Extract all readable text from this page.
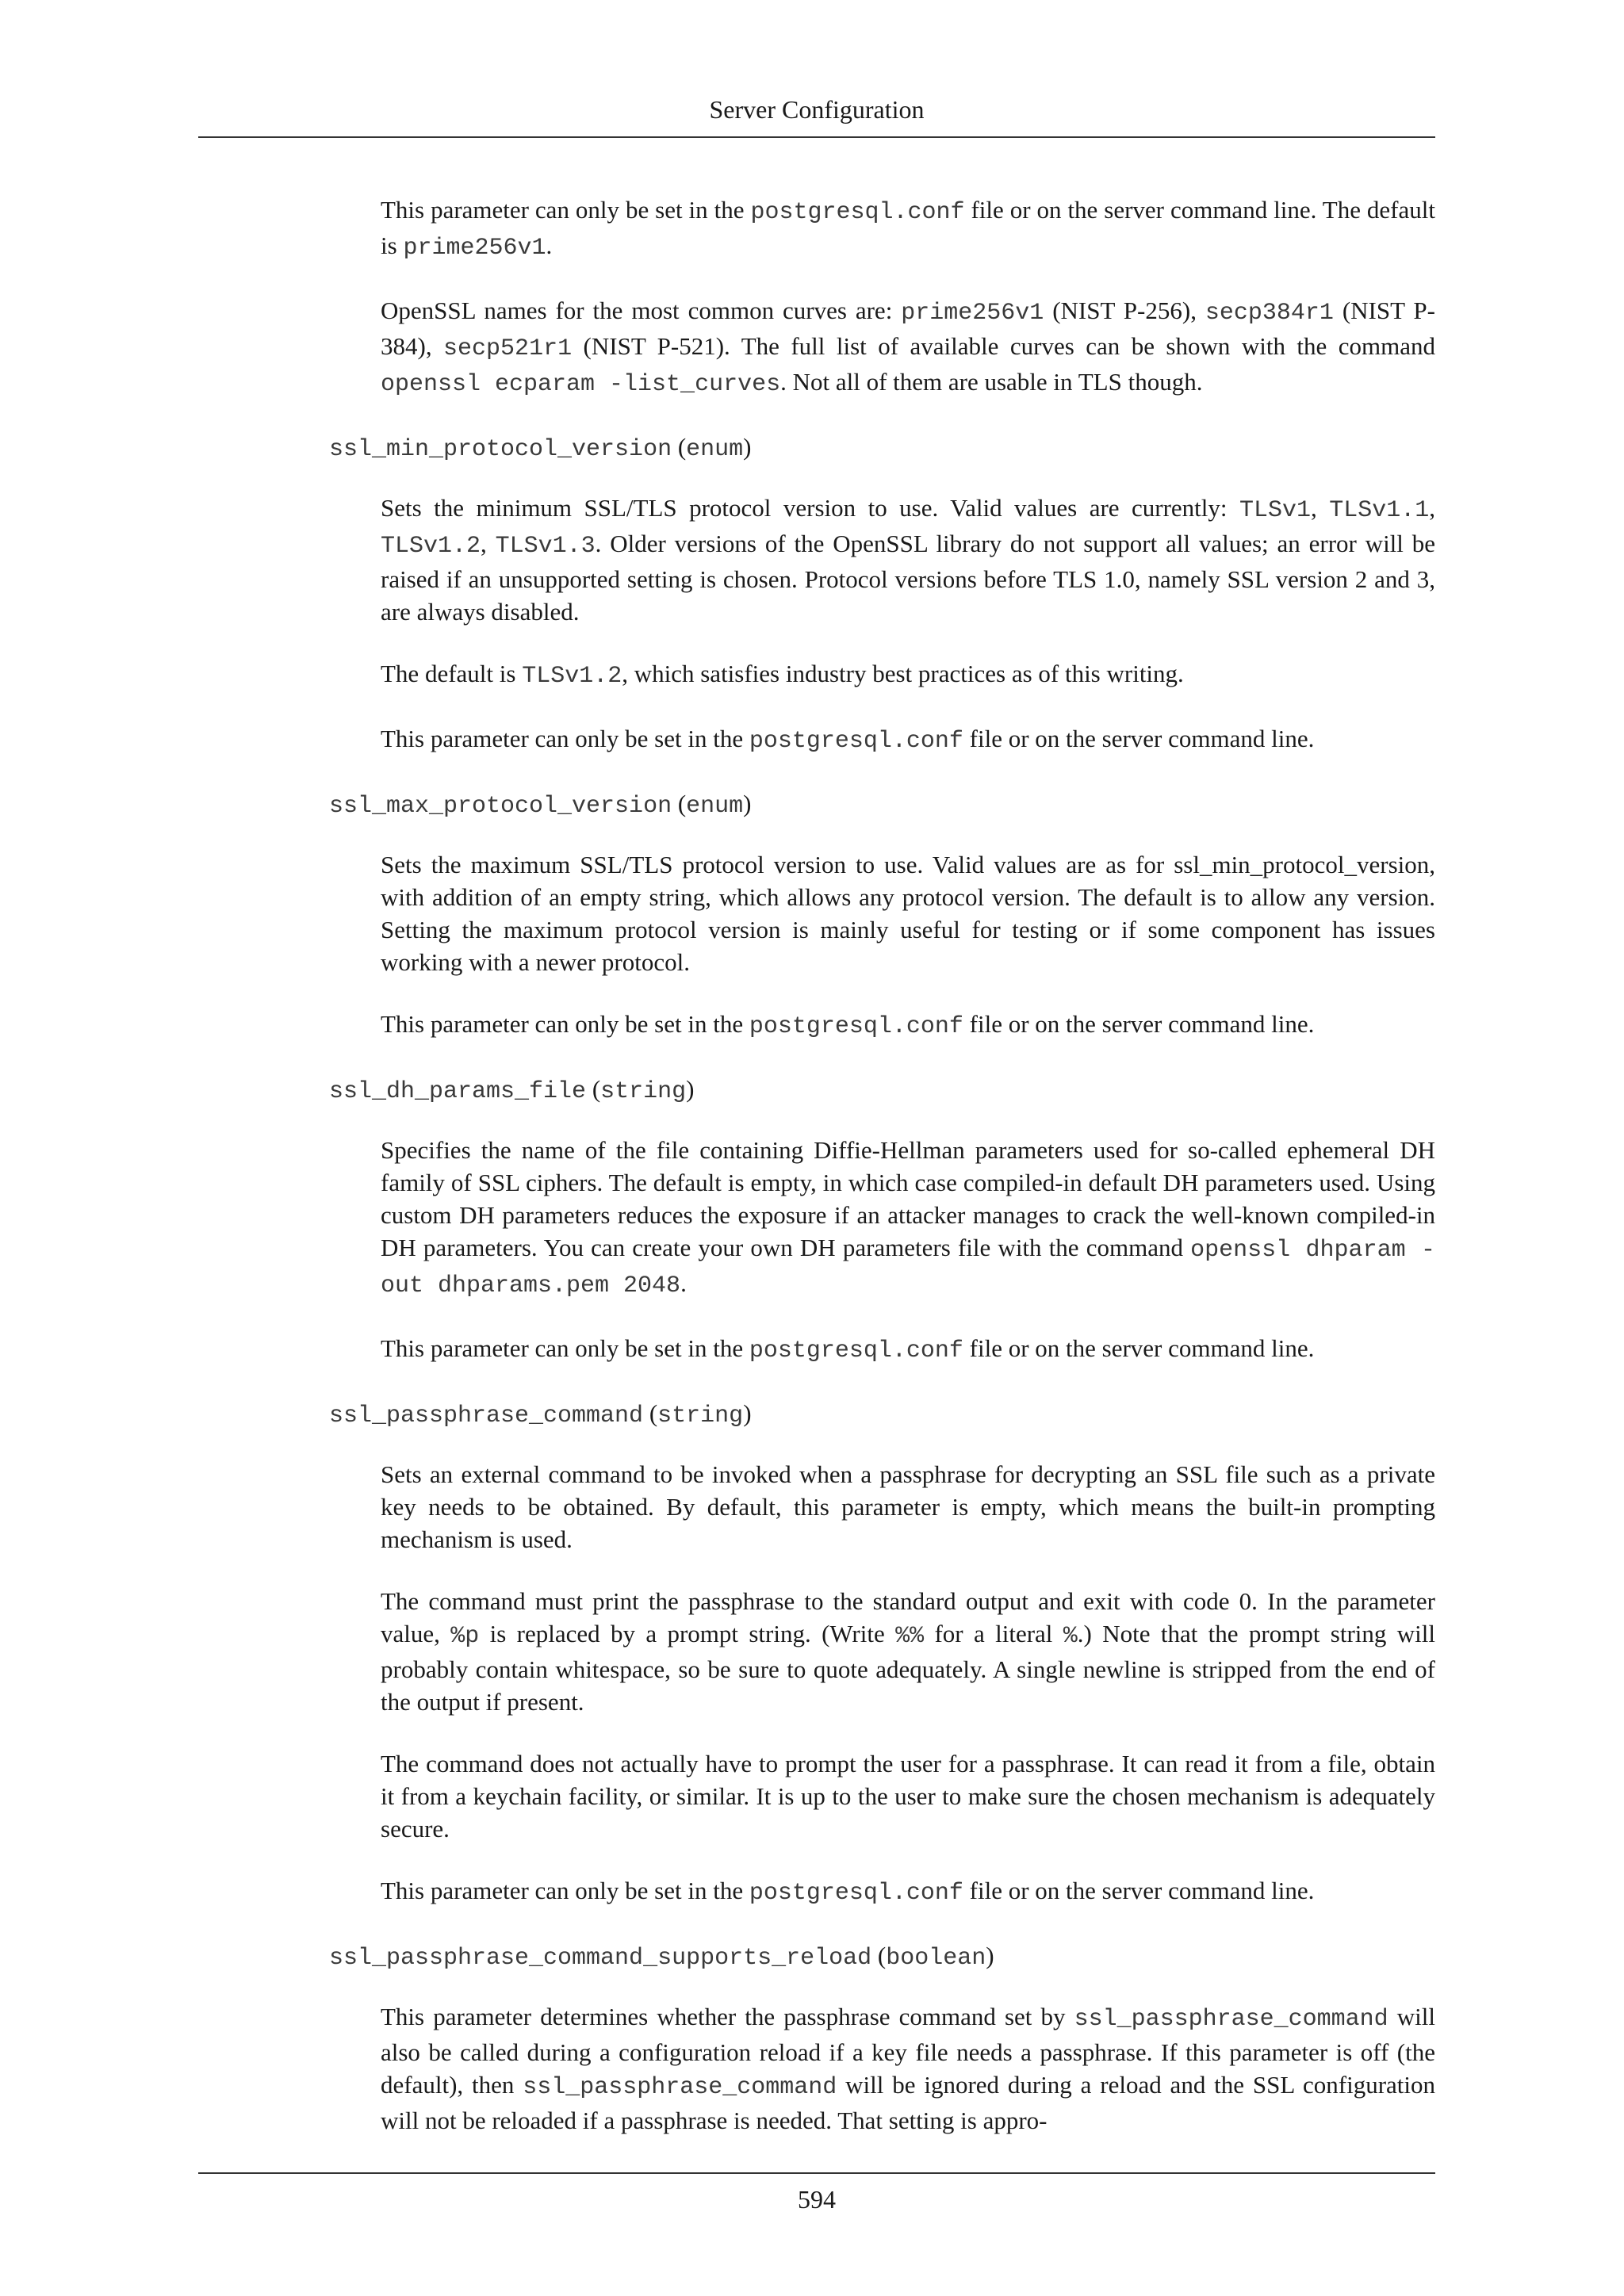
Server Configuration

This parameter can only be set in the postgresql.conf file or on the server command line. The default is prime256v1.

OpenSSL names for the most common curves are: prime256v1 (NIST P-256), secp384r1 (NIST P-384), secp521r1 (NIST P-521). The full list of available curves can be shown with the command openssl ecparam -list_curves. Not all of them are usable in TLS though.

ssl_min_protocol_version (enum)

Sets the minimum SSL/TLS protocol version to use. Valid values are currently: TLSv1, TLSv1.1, TLSv1.2, TLSv1.3. Older versions of the OpenSSL library do not support all values; an error will be raised if an unsupported setting is chosen. Protocol versions before TLS 1.0, namely SSL version 2 and 3, are always disabled.

The default is TLSv1.2, which satisfies industry best practices as of this writing.

This parameter can only be set in the postgresql.conf file or on the server command line.

ssl_max_protocol_version (enum)

Sets the maximum SSL/TLS protocol version to use. Valid values are as for ssl_min_protocol_version, with addition of an empty string, which allows any protocol version. The default is to allow any version. Setting the maximum protocol version is mainly useful for testing or if some component has issues working with a newer protocol.

This parameter can only be set in the postgresql.conf file or on the server command line.

ssl_dh_params_file (string)

Specifies the name of the file containing Diffie-Hellman parameters used for so-called ephemeral DH family of SSL ciphers. The default is empty, in which case compiled-in default DH parameters used. Using custom DH parameters reduces the exposure if an attacker manages to crack the well-known compiled-in DH parameters. You can create your own DH parameters file with the command openssl dhparam -out dhparams.pem 2048.

This parameter can only be set in the postgresql.conf file or on the server command line.

ssl_passphrase_command (string)

Sets an external command to be invoked when a passphrase for decrypting an SSL file such as a private key needs to be obtained. By default, this parameter is empty, which means the built-in prompting mechanism is used.

The command must print the passphrase to the standard output and exit with code 0. In the parameter value, %p is replaced by a prompt string. (Write %% for a literal %.) Note that the prompt string will probably contain whitespace, so be sure to quote adequately. A single newline is stripped from the end of the output if present.

The command does not actually have to prompt the user for a passphrase. It can read it from a file, obtain it from a keychain facility, or similar. It is up to the user to make sure the chosen mechanism is adequately secure.

This parameter can only be set in the postgresql.conf file or on the server command line.

ssl_passphrase_command_supports_reload (boolean)

This parameter determines whether the passphrase command set by ssl_passphrase_command will also be called during a configuration reload if a key file needs a passphrase. If this parameter is off (the default), then ssl_passphrase_command will be ignored during a reload and the SSL configuration will not be reloaded if a passphrase is needed. That setting is appro-

594
